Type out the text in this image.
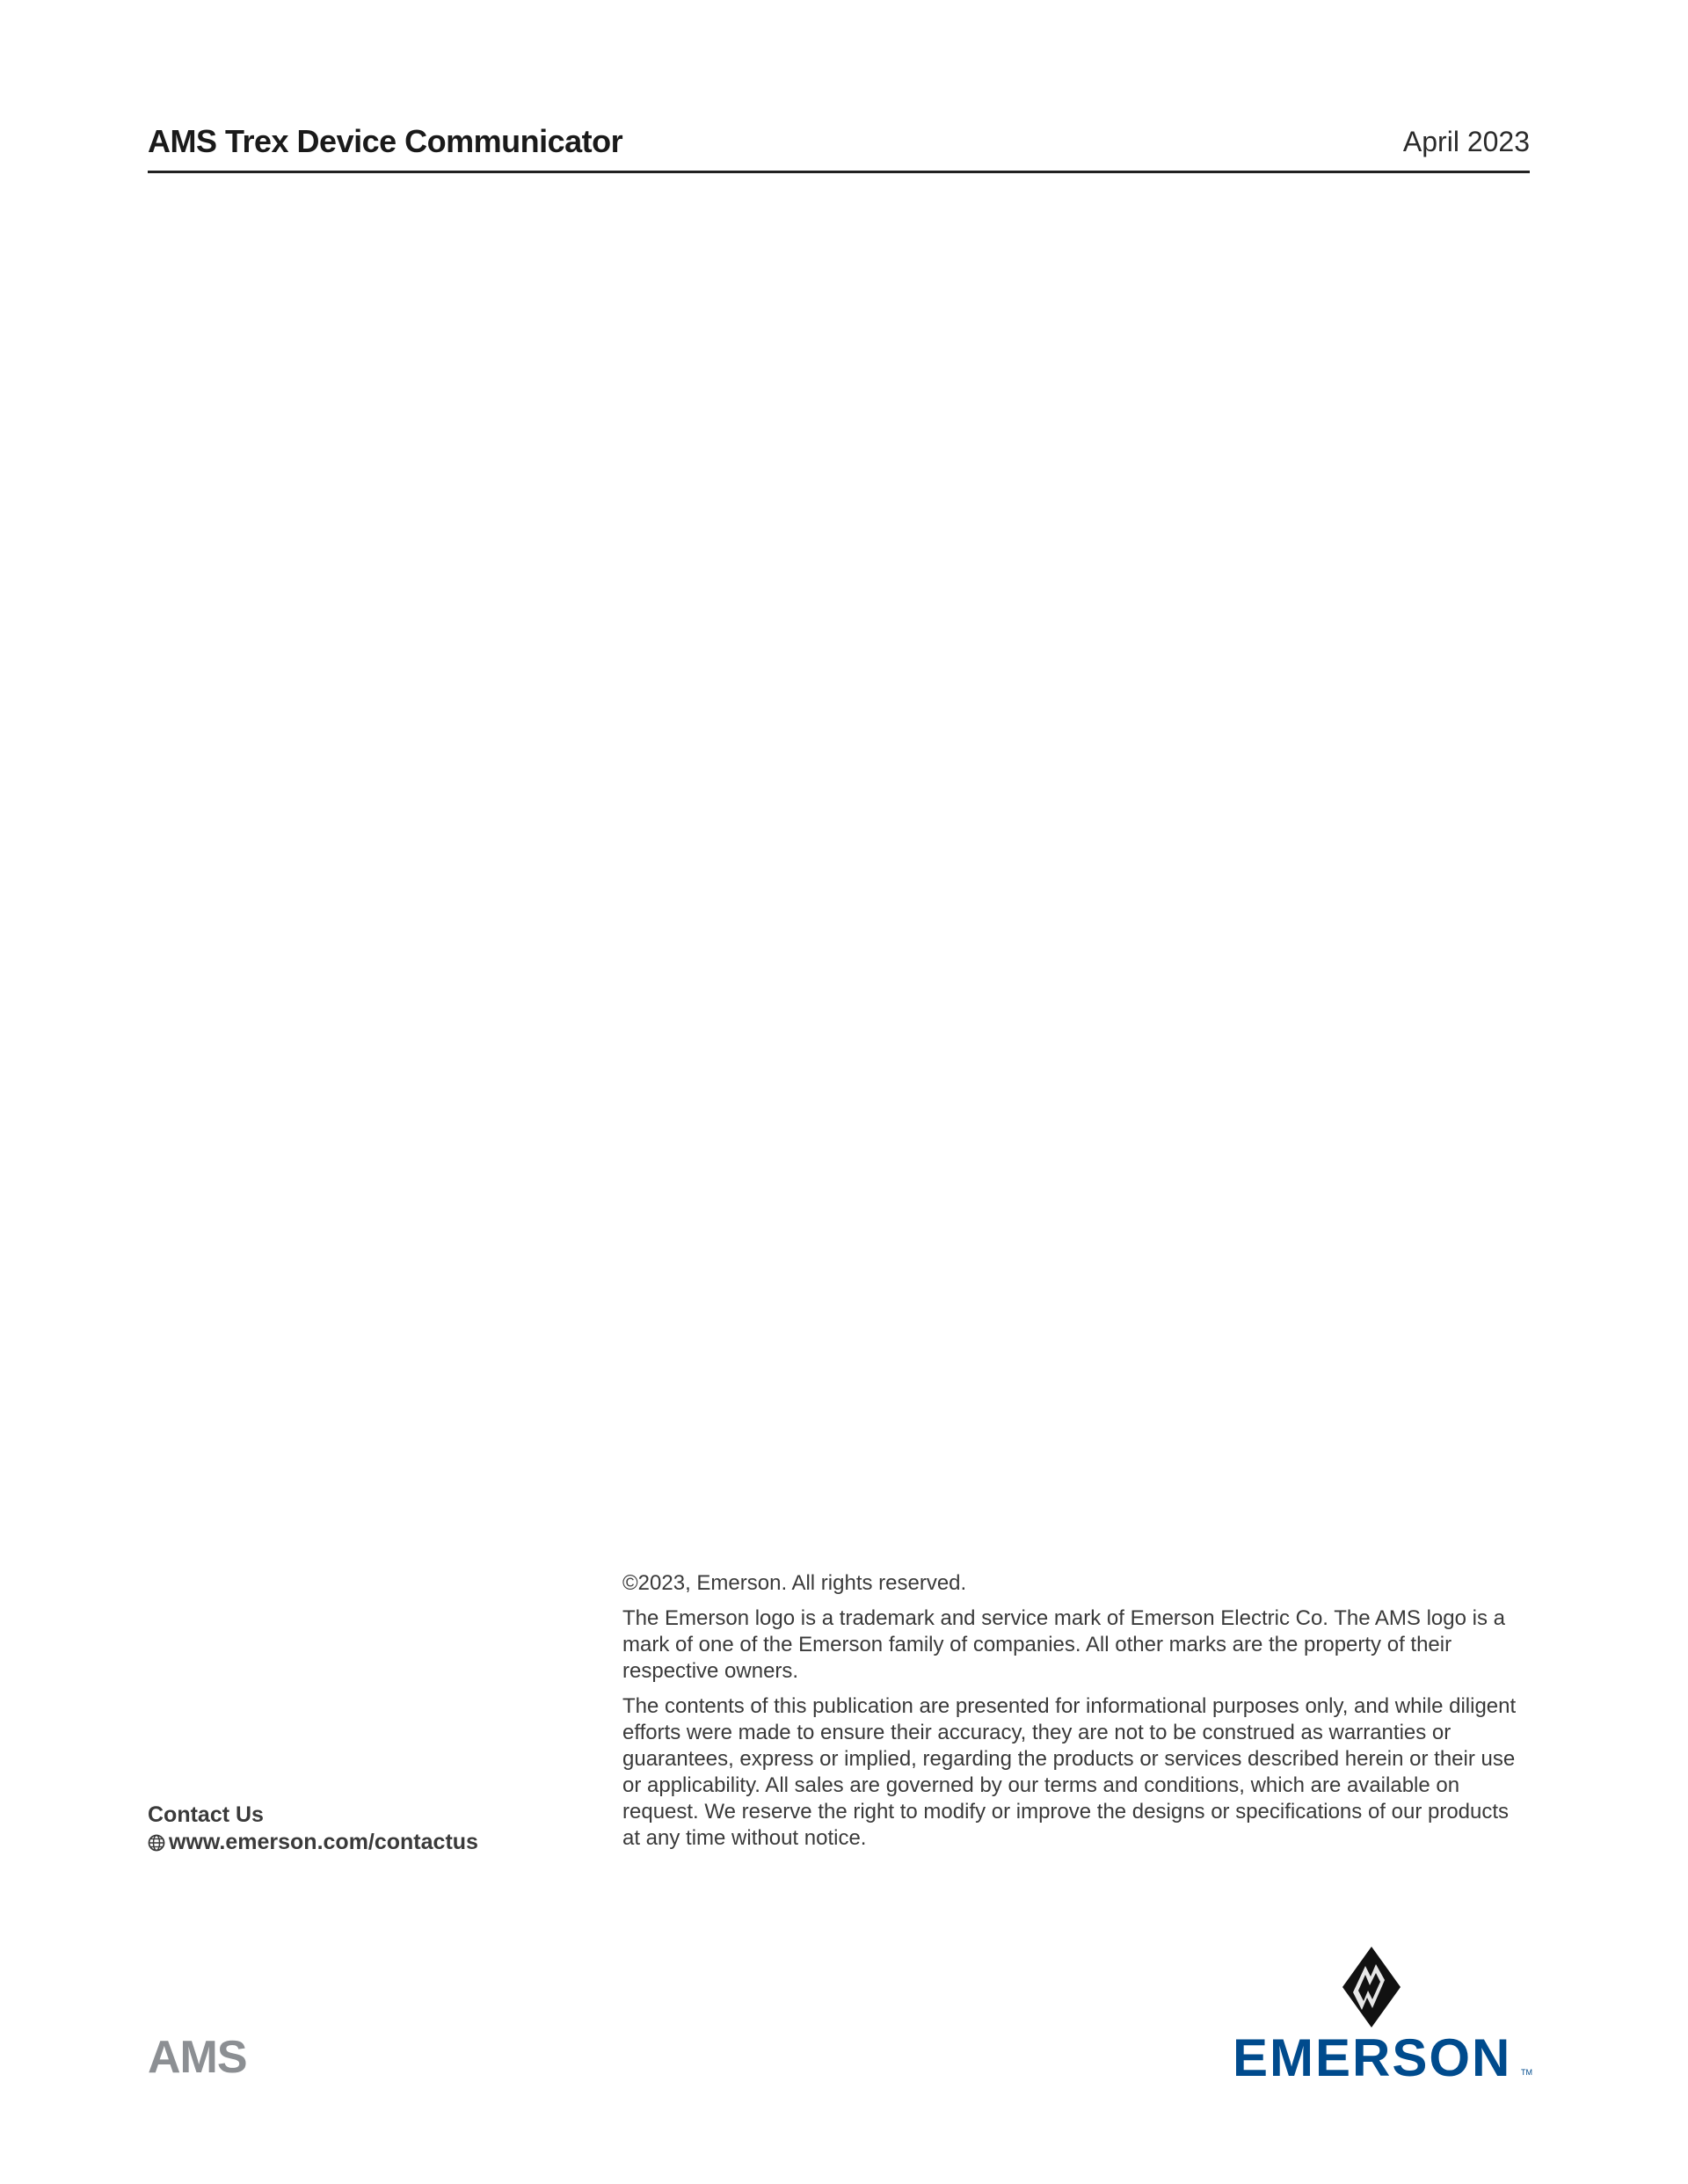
AMS Trex Device Communicator	April 2023

©2023, Emerson. All rights reserved.

The Emerson logo is a trademark and service mark of Emerson Electric Co. The AMS logo is a mark of one of the Emerson family of companies. All other marks are the property of their respective owners.

The contents of this publication are presented for informational purposes only, and while diligent efforts were made to ensure their accuracy, they are not to be construed as warranties or guarantees, express or implied, regarding the products or services described herein or their use or applicability. All sales are governed by our terms and conditions, which are available on request. We reserve the right to modify or improve the designs or specifications of our products at any time without notice.

Contact Us
www.emerson.com/contactus
AMS	EMERSON TM
